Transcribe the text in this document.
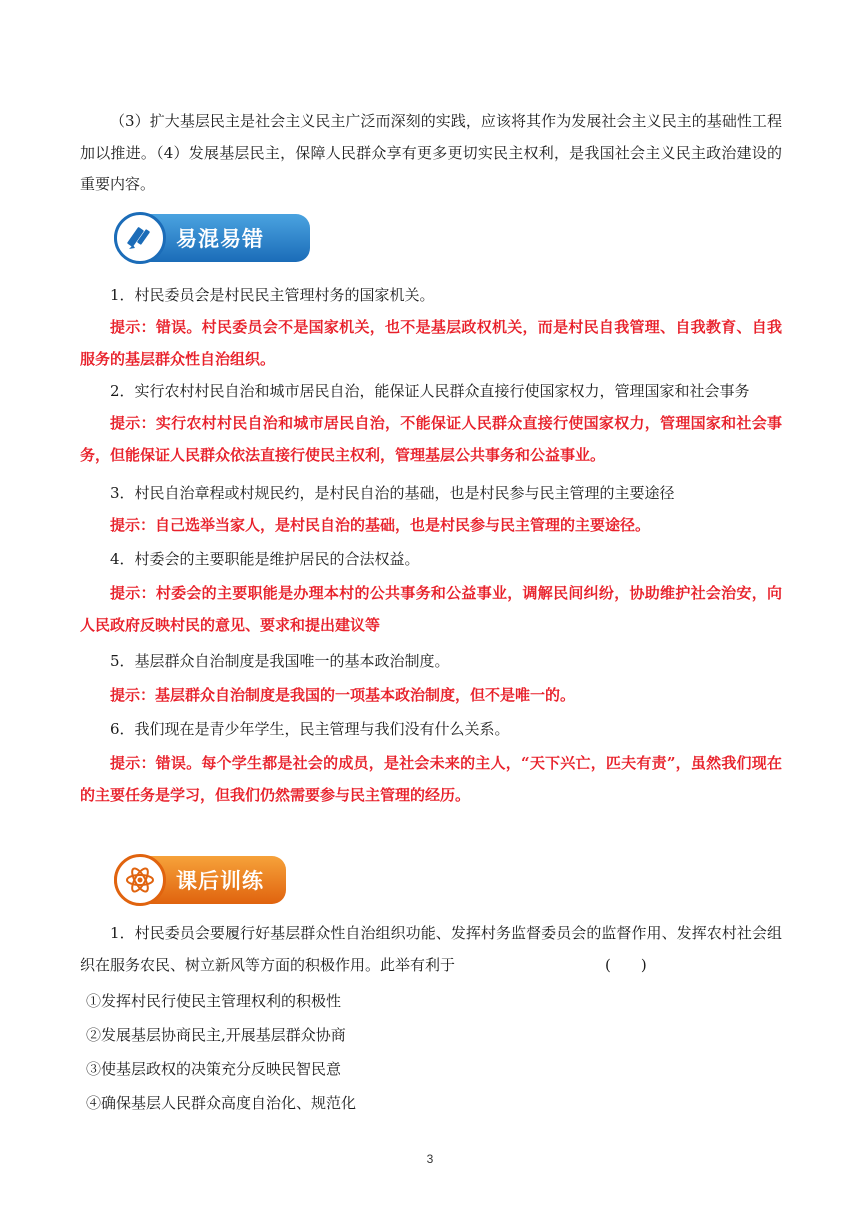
（3）扩大基层民主是社会主义民主广泛而深刻的实践，应该将其作为发展社会主义民主的基础性工程加以推进。（4）发展基层民主，保障人民群众享有更多更切实民主权利，是我国社会主义民主政治建设的重要内容。

易混易错

1．村民委员会是村民民主管理村务的国家机关。

提示：错误。村民委员会不是国家机关，也不是基层政权机关，而是村民自我管理、自我教育、自我服务的基层群众性自治组织。

2．实行农村村民自治和城市居民自治，能保证人民群众直接行使国家权力，管理国家和社会事务

提示：实行农村村民自治和城市居民自治，不能保证人民群众直接行使国家权力，管理国家和社会事务，但能保证人民群众依法直接行使民主权利，管理基层公共事务和公益事业。

3．村民自治章程或村规民约，是村民自治的基础，也是村民参与民主管理的主要途径

提示：自己选举当家人，是村民自治的基础，也是村民参与民主管理的主要途径。

4．村委会的主要职能是维护居民的合法权益。

提示：村委会的主要职能是办理本村的公共事务和公益事业，调解民间纠纷，协助维护社会治安，向人民政府反映村民的意见、要求和提出建议等

5．基层群众自治制度是我国唯一的基本政治制度。

提示：基层群众自治制度是我国的一项基本政治制度，但不是唯一的。

6．我们现在是青少年学生，民主管理与我们没有什么关系。

提示：错误。每个学生都是社会的成员，是社会未来的主人，“天下兴亡，匹夫有责”，虽然我们现在的主要任务是学习，但我们仍然需要参与民主管理的经历。

课后训练

1．村民委员会要履行好基层群众性自治组织功能、发挥村务监督委员会的监督作用、发挥农村社会组织在服务农民、树立新风等方面的积极作用。此举有利于	(　　)

①发挥村民行使民主管理权利的积极性

②发展基层协商民主,开展基层群众协商

③使基层政权的决策充分反映民智民意

④确保基层人民群众高度自治化、规范化

3
